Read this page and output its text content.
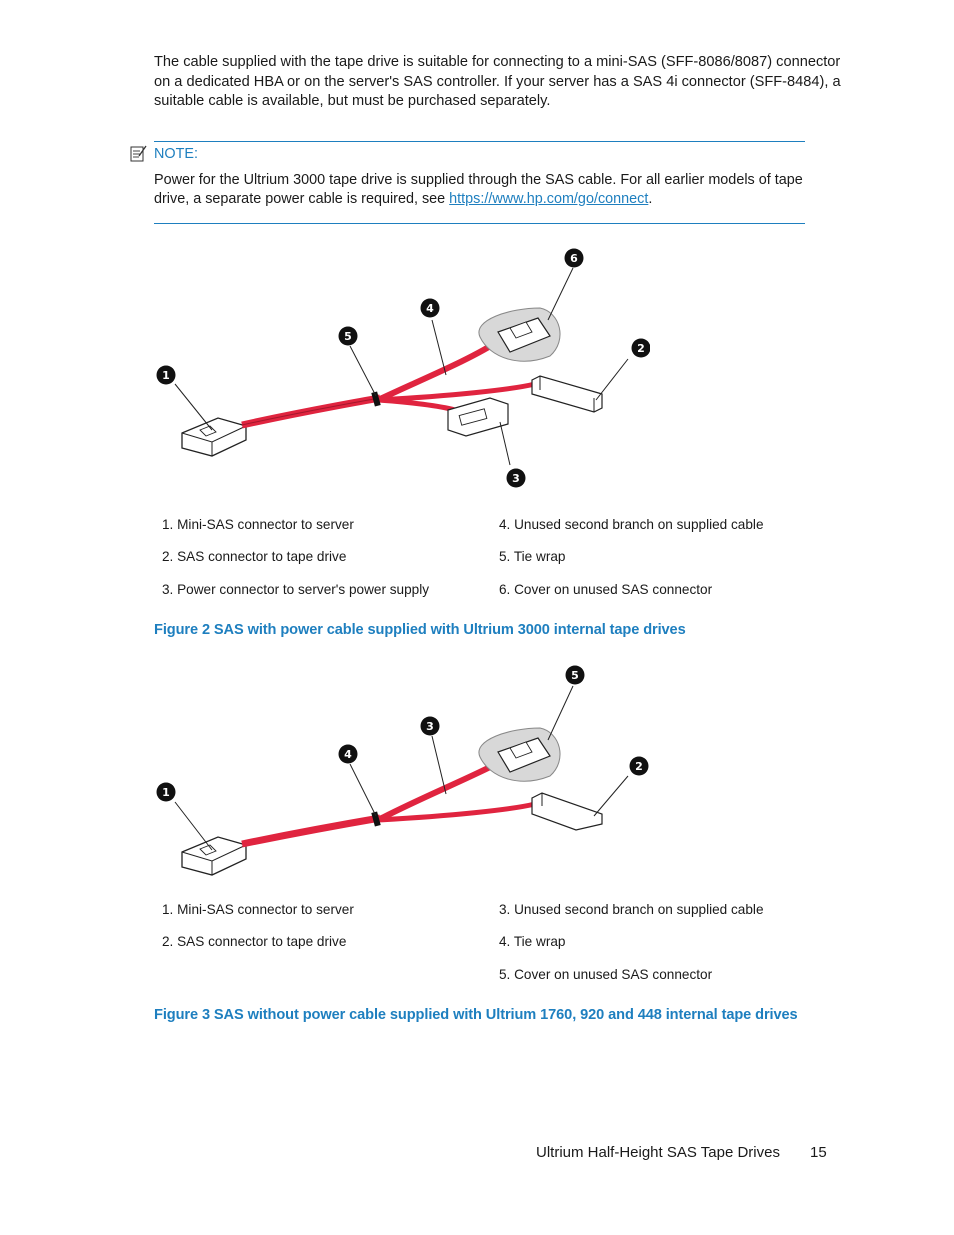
The cable supplied with the tape drive is suitable for connecting to a mini-SAS (SFF-8086/8087) connector on a dedicated HBA or on the server's SAS controller. If your server has a SAS 4i connector (SFF-8484), a suitable cable is available, but must be purchased separately.

NOTE:

Power for the Ultrium 3000 tape drive is supplied through the SAS cable. For all earlier models of tape drive, a separate power cable is required, see https://www.hp.com/go/connect.

1
2
3
4
5
6
1. Mini-SAS connector to server
2. SAS connector to tape drive
3. Power connector to server's power supply
4. Unused second branch on supplied cable
5. Tie wrap
6. Cover on unused SAS connector
Figure 2 SAS with power cable supplied with Ultrium 3000 internal tape drives
1
2
3
4
5
1. Mini-SAS connector to server
2. SAS connector to tape drive
3. Unused second branch on supplied cable
4. Tie wrap
5. Cover on unused SAS connector
Figure 3 SAS without power cable supplied with Ultrium 1760, 920 and 448 internal tape drives
Ultrium Half-Height SAS Tape Drives 15
